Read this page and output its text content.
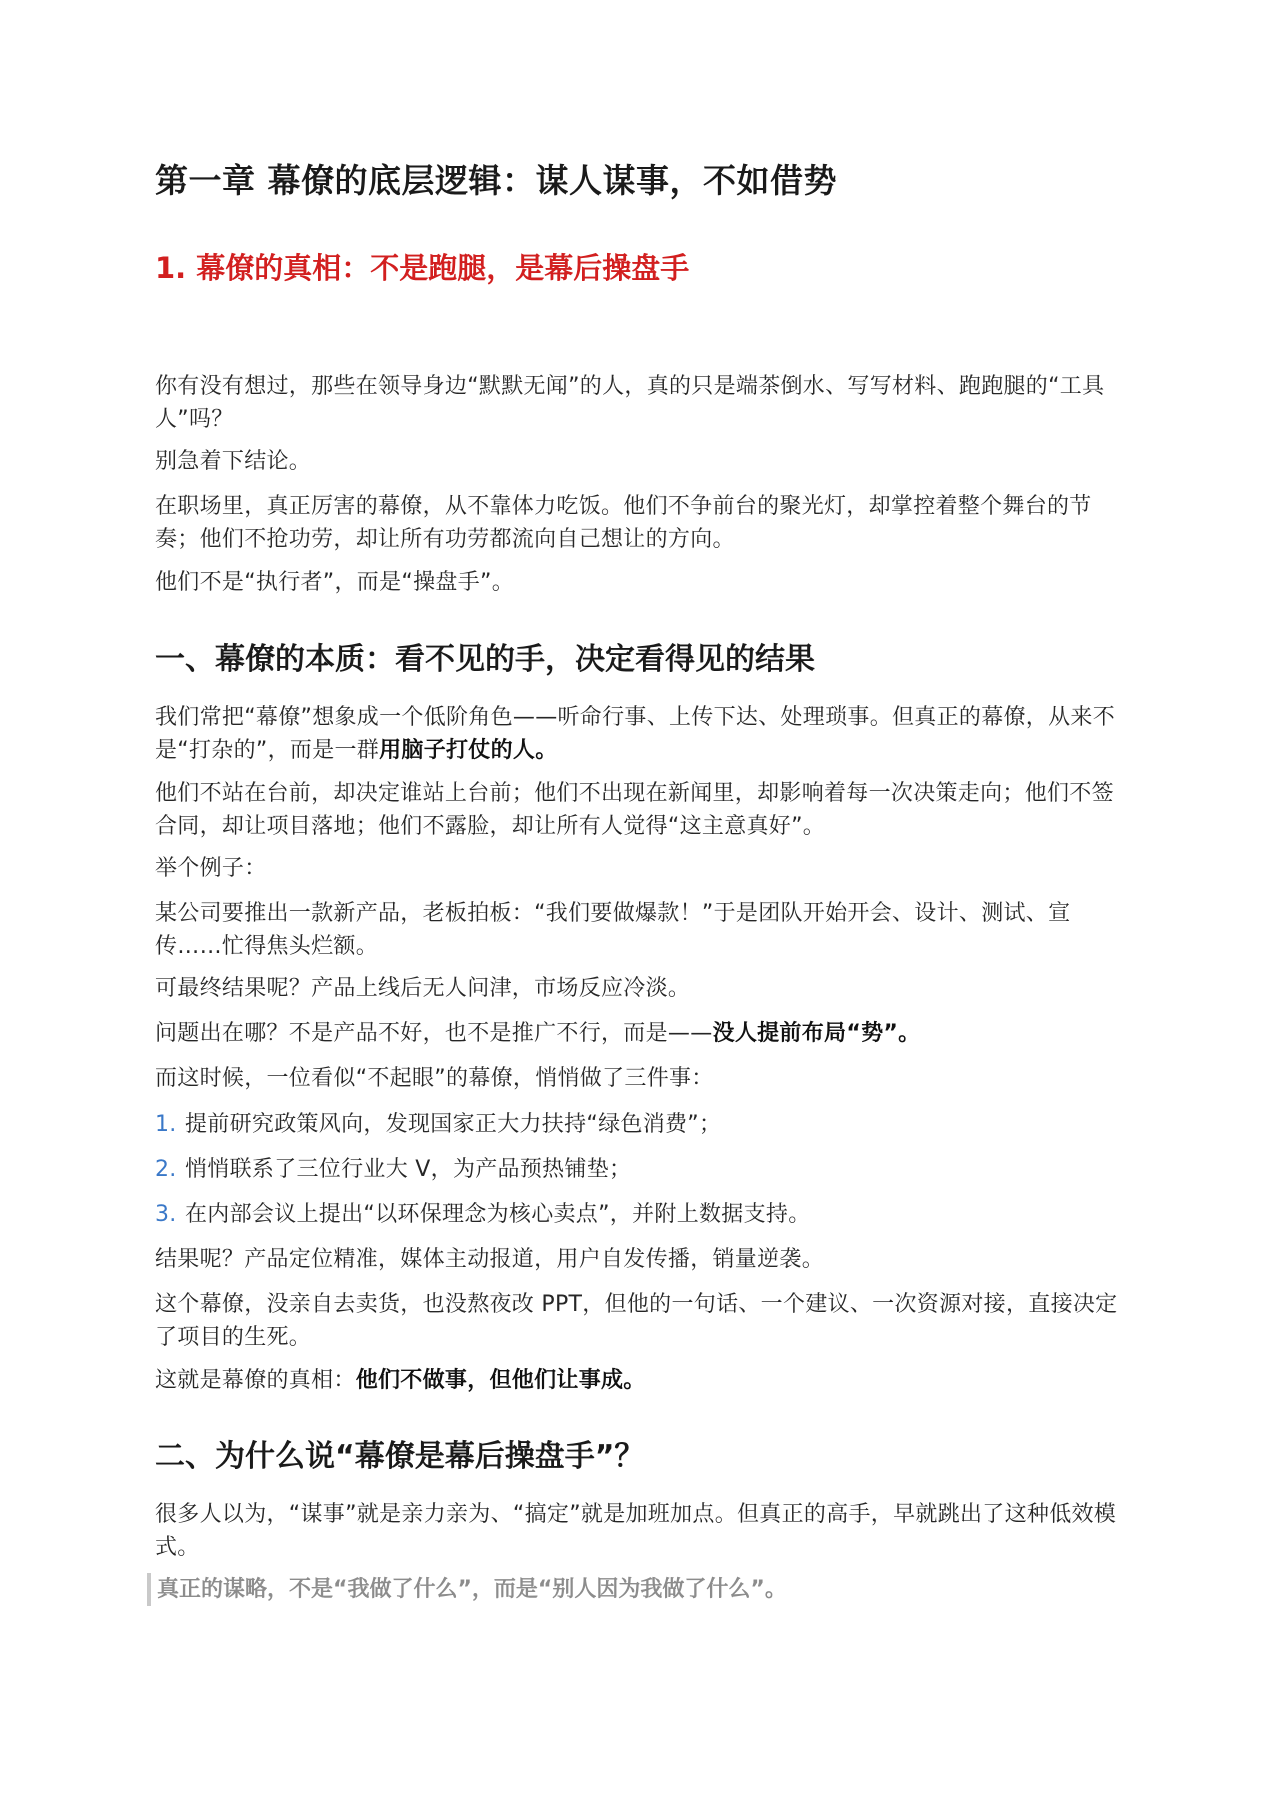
第一章 幕僚的底层逻辑：谋人谋事，不如借势
1. 幕僚的真相：不是跑腿，是幕后操盘手

你有没有想过，那些在领导身边“默默无闻”的人，真的只是端茶倒水、写写材料、跑跑腿的“工具人”吗？

别急着下结论。

在职场里，真正厉害的幕僚，从不靠体力吃饭。他们不争前台的聚光灯，却掌控着整个舞台的节奏；他们不抢功劳，却让所有功劳都流向自己想让的方向。

他们不是“执行者”，而是“操盘手”。

一、幕僚的本质：看不见的手，决定看得见的结果

我们常把“幕僚”想象成一个低阶角色——听命行事、上传下达、处理琐事。但真正的幕僚，从来不是“打杂的”，而是一群用脑子打仗的人。

他们不站在台前，却决定谁站上台前；他们不出现在新闻里，却影响着每一次决策走向；他们不签合同，却让项目落地；他们不露脸，却让所有人觉得“这主意真好”。

举个例子：

某公司要推出一款新产品，老板拍板：“我们要做爆款！”于是团队开始开会、设计、测试、宣传……忙得焦头烂额。

可最终结果呢？产品上线后无人问津，市场反应冷淡。

问题出在哪？不是产品不好，也不是推广不行，而是——没人提前布局“势”。

而这时候，一位看似“不起眼”的幕僚，悄悄做了三件事：

1. 提前研究政策风向，发现国家正大力扶持“绿色消费”；

2. 悄悄联系了三位行业大 V，为产品预热铺垫；

3. 在内部会议上提出“以环保理念为核心卖点”，并附上数据支持。

结果呢？产品定位精准，媒体主动报道，用户自发传播，销量逆袭。

这个幕僚，没亲自去卖货，也没熬夜改 PPT，但他的一句话、一个建议、一次资源对接，直接决定了项目的生死。

这就是幕僚的真相：他们不做事，但他们让事成。

二、为什么说“幕僚是幕后操盘手”？

很多人以为，“谋事”就是亲力亲为、“搞定”就是加班加点。但真正的高手，早就跳出了这种低效模式。

真正的谋略，不是“我做了什么”，而是“别人因为我做了什么”。
